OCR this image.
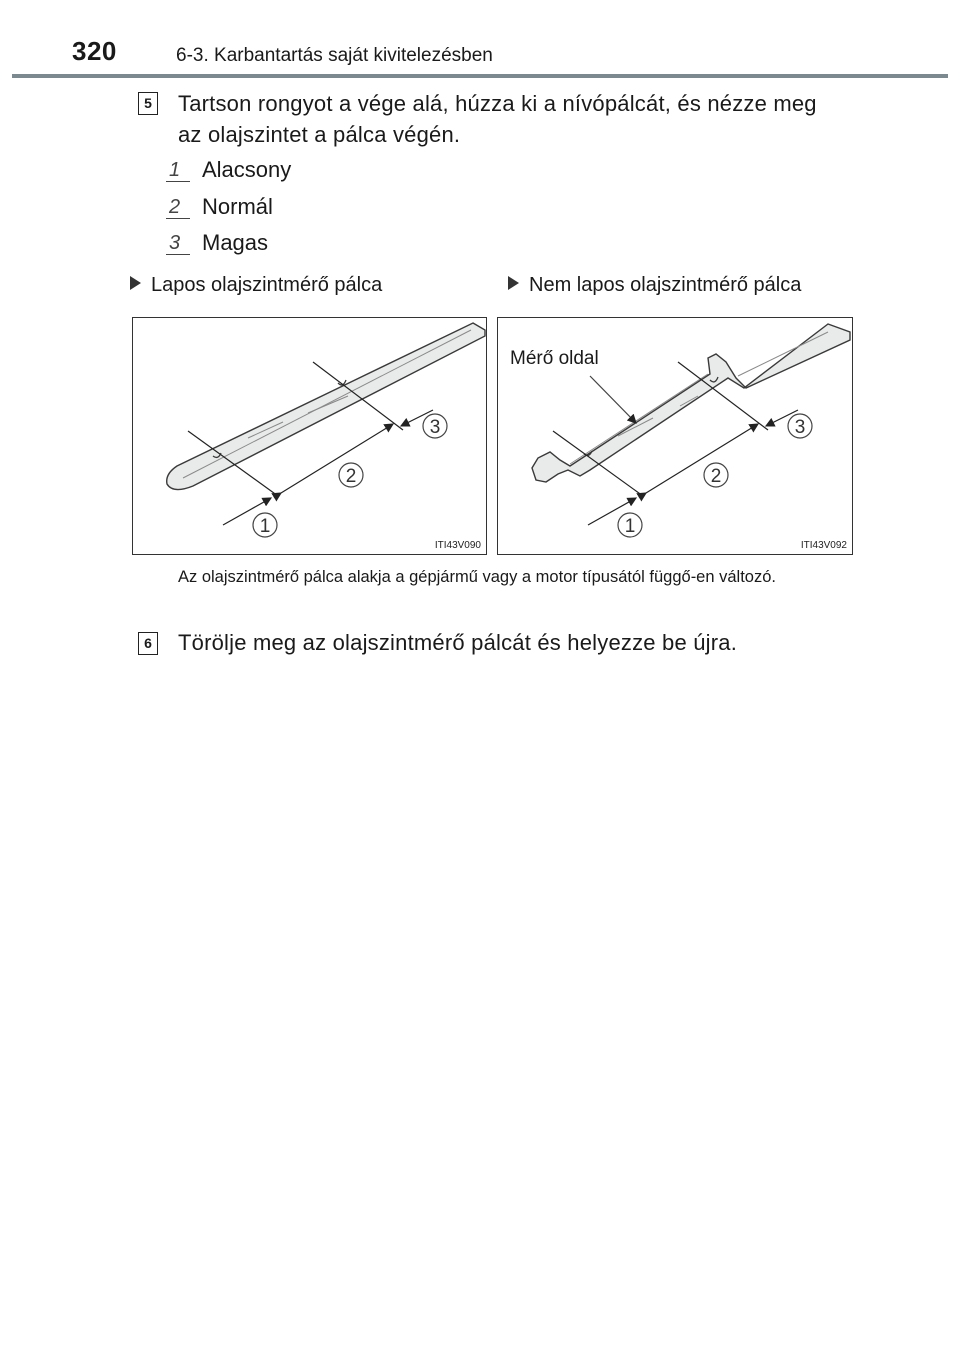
320	6-3. Karbantartás saját kivitelezésben
5 Tartson rongyot a vége alá, húzza ki a nívópálcát, és nézze meg
az olajszintet a pálca végén.
1 Alacsony
2 Normál
3 Magas
Lapos olajszintmérő pálca	Nem lapos olajszintmérő pálca
1
2
3
ITI43V090
1
2
3
Mérő oldal
ITI43V092
Az olajszintmérő pálca alakja a gépjármű vagy a motor típusától függő-en változó.
6 Törölje meg az olajszintmérő pálcát és helyezze be újra.
